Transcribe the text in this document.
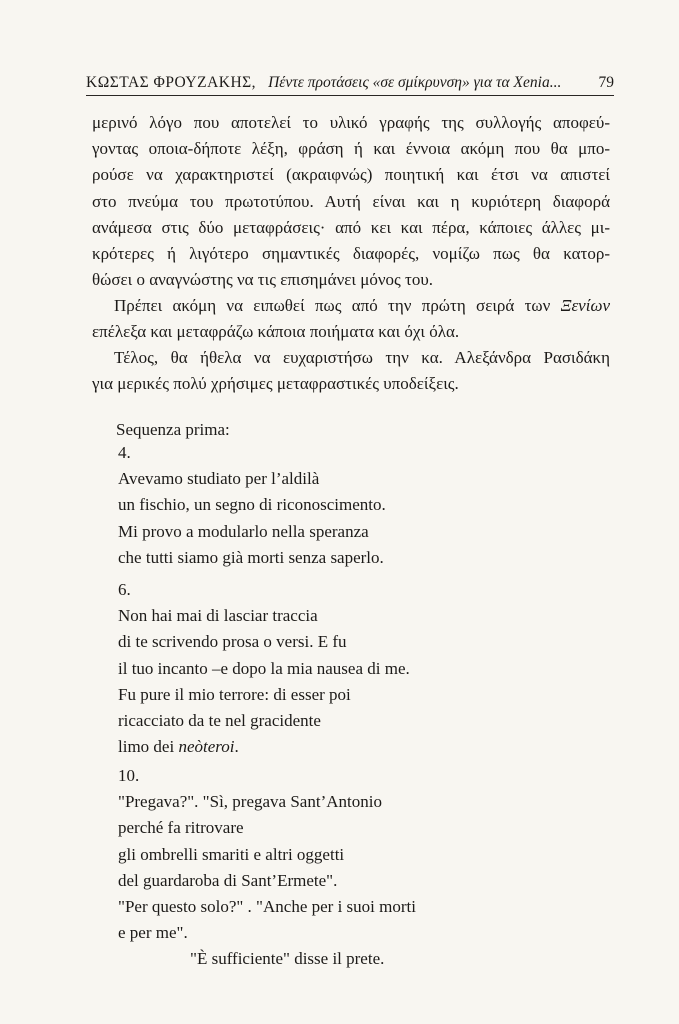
ΚΩΣΤΑΣ ΦΡΟΥΖΑΚΗΣ, Πέντε προτάσεις «σε σμίκρυνση» για τα Xenia... 79
μερινό λόγο που αποτελεί το υλικό γραφής της συλλογής αποφεύ-
γοντας οποια-δήποτε λέξη, φράση ή και έννοια ακόμη που θα μπο-
ρούσε να χαρακτηριστεί (ακραιφνώς) ποιητική και έτσι να απιστεί
στο πνεύμα του πρωτοτύπου. Αυτή είναι και η κυριότερη διαφορά
ανάμεσα στις δύο μεταφράσεις· από κει και πέρα, κάποιες άλλες μι-
κρότερες ή λιγότερο σημαντικές διαφορές, νομίζω πως θα κατορ-
θώσει ο αναγνώστης να τις επισημάνει μόνος του.
Πρέπει ακόμη να ειπωθεί πως από την πρώτη σειρά των Ξενίων
επέλεξα και μεταφράζω κάποια ποιήματα και όχι όλα.
Τέλος, θα ήθελα να ευχαριστήσω την κα. Αλεξάνδρα Ρασιδάκη
για μερικές πολύ χρήσιμες μεταφραστικές υποδείξεις.
Sequenza prima:
4.
Avevamo studiato per l’aldilà
un fischio, un segno di riconoscimento.
Mi provo a modularlo nella speranza
che tutti siamo già morti senza saperlo.
6.
Non hai mai di lasciar traccia
di te scrivendo prosa o versi. E fu
il tuo incanto –e dopo la mia nausea di me.
Fu pure il mio terrore: di esser poi
ricacciato da te nel gracidente
limo dei neòteroi.
10.
"Pregava?". "Sì, pregava Sant’Antonio
perché fa ritrovare
gli ombrelli smariti e altri oggetti
del guardaroba di Sant’Ermete".
"Per questo solo?" . "Anche per i suoi morti
e per me".
"È sufficiente" disse il prete.
